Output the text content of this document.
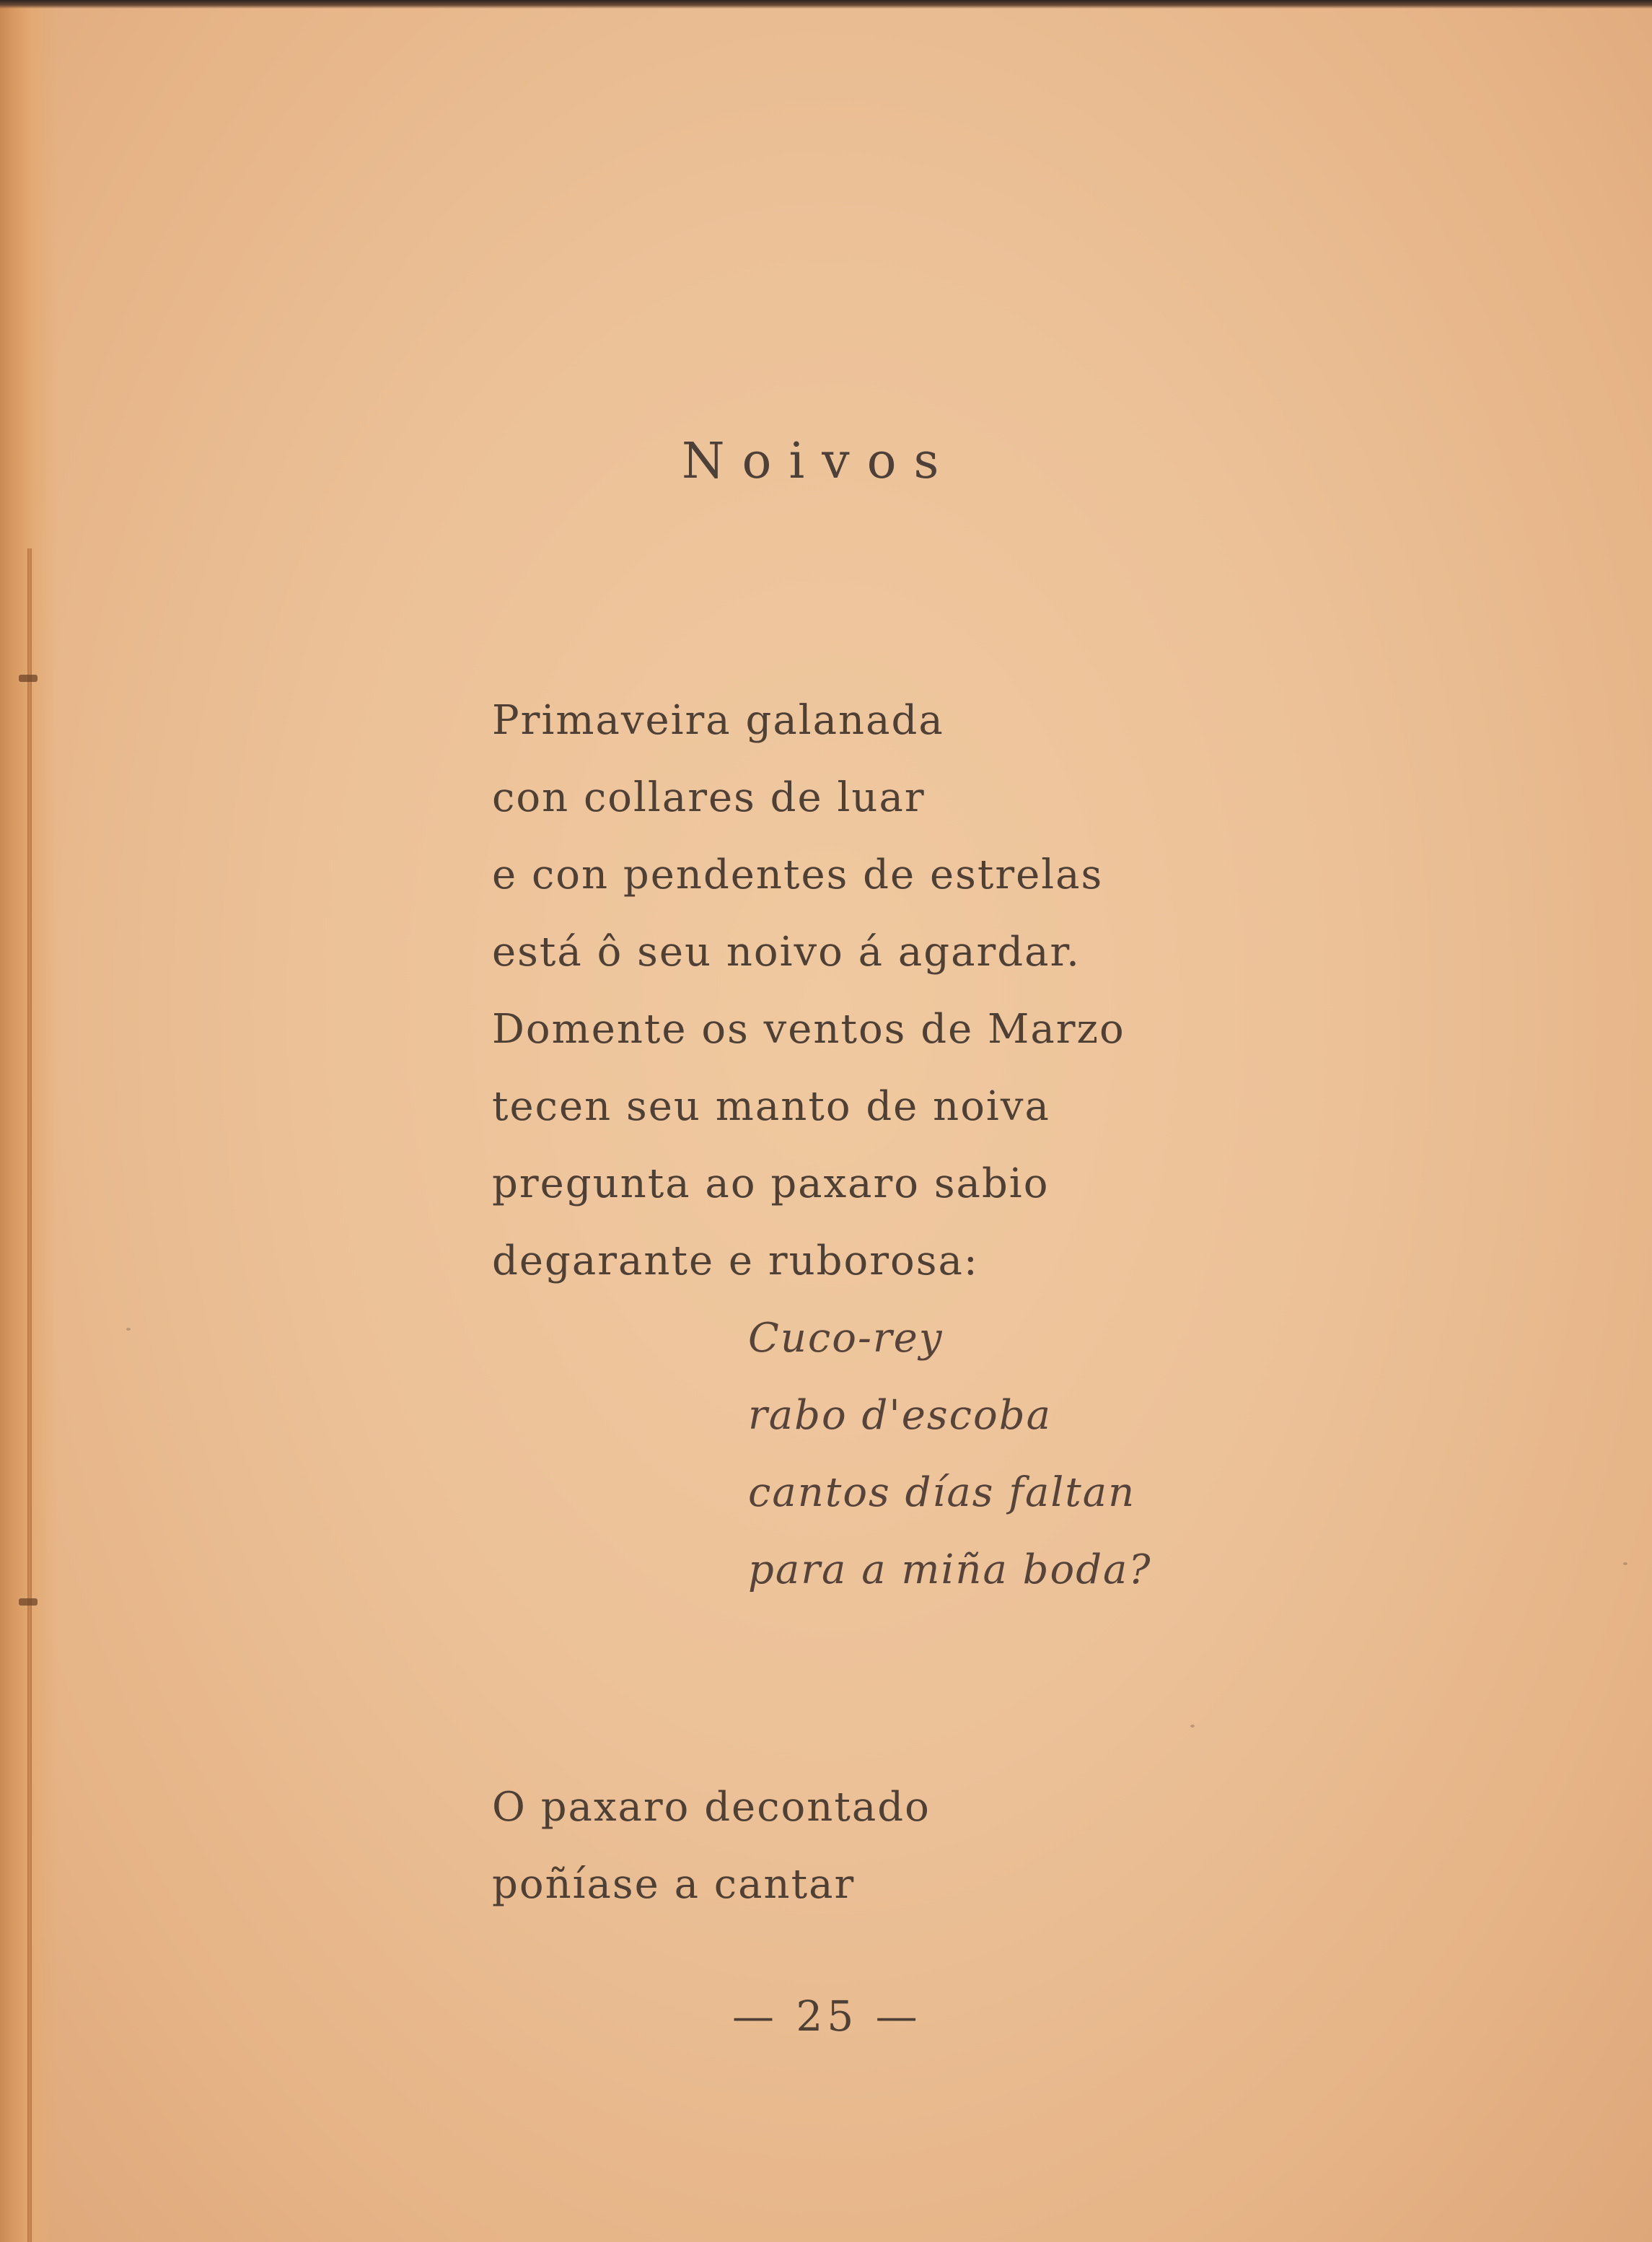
Noivos
Primaveira galanada
con collares de luar
e con pendentes de estrelas
está ô seu noivo á agardar.
Domente os ventos de Marzo
tecen seu manto de noiva
pregunta ao paxaro sabio
degarante e ruborosa:
Cuco-rey
rabo d'escoba
cantos días faltan
para a miña boda?
O paxaro decontado
poñíase a cantar
— 25 —
